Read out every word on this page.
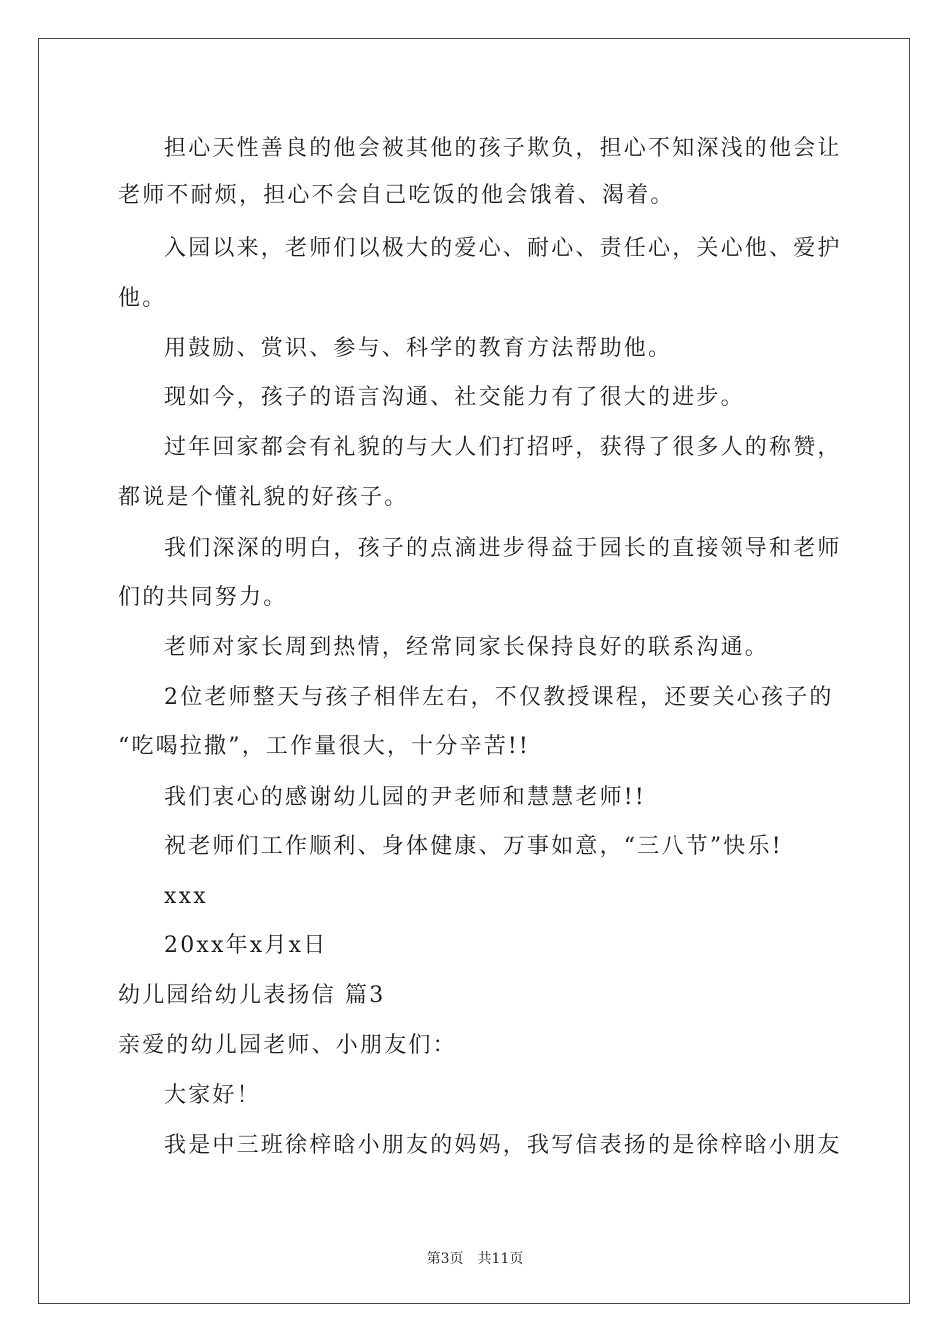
担心天性善良的他会被其他的孩子欺负，担心不知深浅的他会让
老师不耐烦，担心不会自己吃饭的他会饿着、渴着。
入园以来，老师们以极大的爱心、耐心、责任心，关心他、爱护
他。
用鼓励、赏识、参与、科学的教育方法帮助他。
现如今，孩子的语言沟通、社交能力有了很大的进步。
过年回家都会有礼貌的与大人们打招呼，获得了很多人的称赞，
都说是个懂礼貌的好孩子。
我们深深的明白，孩子的点滴进步得益于园长的直接领导和老师
们的共同努力。
老师对家长周到热情，经常同家长保持良好的联系沟通。
2位老师整天与孩子相伴左右，不仅教授课程，还要关心孩子的
“吃喝拉撒”，工作量很大，十分辛苦!!
我们衷心的感谢幼儿园的尹老师和慧慧老师!!
祝老师们工作顺利、身体健康、万事如意，“三八节”快乐!
xxx
20xx年x月x日
幼儿园给幼儿表扬信 篇3
亲爱的幼儿园老师、小朋友们：
大家好！
我是中三班徐梓晗小朋友的妈妈，我写信表扬的是徐梓晗小朋友
第3页　共11页
